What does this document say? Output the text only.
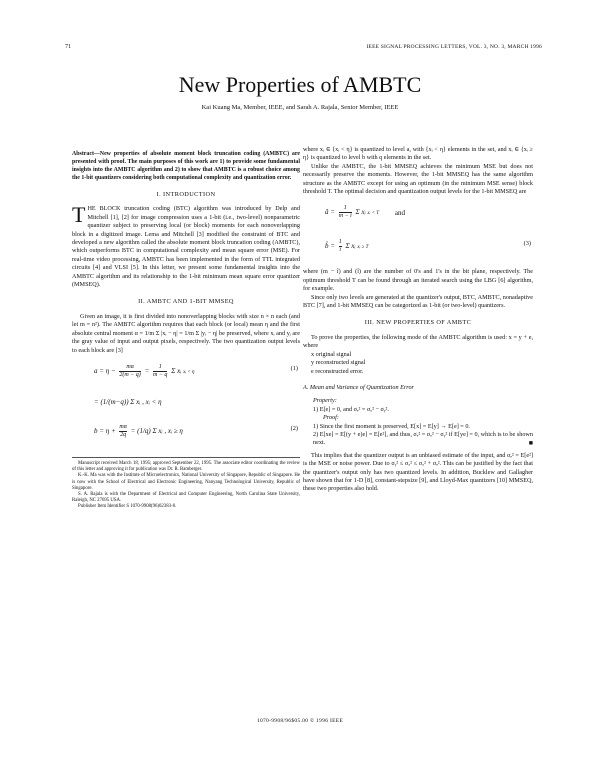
71	IEEE SIGNAL PROCESSING LETTERS, VOL. 3, NO. 3, MARCH 1996
New Properties of AMBTC
Kai Kuang Ma, Member, IEEE, and Sarah A. Rajala, Senior Member, IEEE

Abstract—New properties of absolute moment block truncation coding (AMBTC) are presented with proof. The main purposes of this work are 1) to provide some fundamental insights into the AMBTC algorithm and 2) to show that AMBTC is a robust choice among the 1-bit quantizers considering both computational complexity and quantization error.

I. INTRODUCTION

THE BLOCK truncation coding (BTC) algorithm was introduced by Delp and Mitchell [1], [2] for image compression uses a 1-bit (i.e., two-level) nonparametric quantizer subject to preserving local (or block) moments for each nonoverlapping block in a digitized image. Lema and Mitchell [3] modified the constraint of BTC and developed a new algorithm called the absolute moment block truncation coding (AMBTC), which outperforms BTC in computational complexity and mean square error (MSE). For real-time video processing, AMBTC has been implemented in the form of TTL integrated circuits [4] and VLSI [5]. In this letter, we present some fundamental insights into the AMBTC algorithm and its relationship to the 1-bit minimum mean square error quantizer (MMSEQ).

II. AMBTC AND 1-BIT MMSEQ

Given an image, it is first divided into nonoverlapping blocks with size n × n each (and let m = n²). The AMBTC algorithm requires that each block (or local) mean η and the first absolute central moment α = 1/m Σ |xᵢ − η| = 1/m Σ |yᵢ − η| be preserved, where xᵢ and yᵢ are the gray value of input and output pixels, respectively. The two quantization output levels to each block are [3]

$a = \eta - \frac{m\alpha}{2(m - q)} = \frac{1}{m - q}$ Σ xᵢ xᵢ < η
(1)
= (1/(m−q)) Σ xᵢ , xᵢ < η
$b = \eta + \frac{m\alpha}{2q} = (1/q)$ Σ xᵢ , xᵢ ≥ η	(2)

Manuscript received March 18, 1995; approved September 22, 1995. The associate editor coordinating the review of this letter and approving it for publication was Dr. R. Bamberger.

K.-K. Ma was with the Institute of Microelectronics, National University of Singapore, Republic of Singapore. He is now with the School of Electrical and Electronic Engineering, Nanyang Technological University, Republic of Singapore.

S. A. Rajala is with the Department of Electrical and Computer Engineering, North Carolina State University, Raleigh, NC 27695 USA.

Publisher Item Identifier S 1070-9908(96)02383-8.

where xᵢ ∈ {xᵢ < η} is quantized to level a, with {xᵢ < η} elements in the set, and xᵢ ∈ {xᵢ ≥ η} is quantized to level b with q elements in the set.

Unlike the AMBTC, the 1-bit MMSEQ achieves the minimum MSE but does not necessarily preserve the moments. However, the 1-bit MMSEQ has the same algorithm structure as the AMBTC except for using an optimum (in the minimum MSE sense) block threshold T. The optimal decision and quantization output levels for the 1-bit MMSEQ are

â = $\frac{1}{m - î}$ Σ xᵢ xᵢ < T and
b̂ = $\frac{1}{î}$ Σ xᵢ xᵢ ≥ T
(3)

where (m − î) and (î) are the number of 0's and 1's in the bit plane, respectively. The optimum threshold T can be found through an iterated search using the LBG [6] algorithm, for example.

Since only two levels are generated at the quantizer's output, BTC, AMBTC, nonadaptive BTC [7], and 1-bit MMSEQ can be categorized as 1-bit (or two-level) quantizers.

III. NEW PROPERTIES OF AMBTC

To prove the properties, the following mode of the AMBTC algorithm is used: x = y + e, where

x original signal

y reconstructed signal

e reconstructed error.

A. Mean and Variance of Quantization Error

Property:

1) E[e] = 0, and σₑ² = σₓ² − σᵧ².

Proof:

1) Since the first moment is preserved, E[x] = E[y] → E[e] = 0.

2) E[xe] = E[(y + e)e] = E[e²], and thus, σₑ² = σₓ² − σᵧ² if E[ye] = 0, which is to be shown next.	■

This implies that the quantizer output is an unbiased estimate of the input, and σₑ² = E[e²] is the MSE or noise power. Due to σᵧ² ≤ σₓ² ≤ σₓ² + σₑ². This can be justified by the fact that the quantizer's output only has two quantized levels. In addition, Bucklew and Gallagher have shown that for 1-D [8], constant-stepsize [9], and Lloyd-Max quantizers [10] MMSEQ, these two properties also hold.

1070-9908/96$05.00 © 1996 IEEE
